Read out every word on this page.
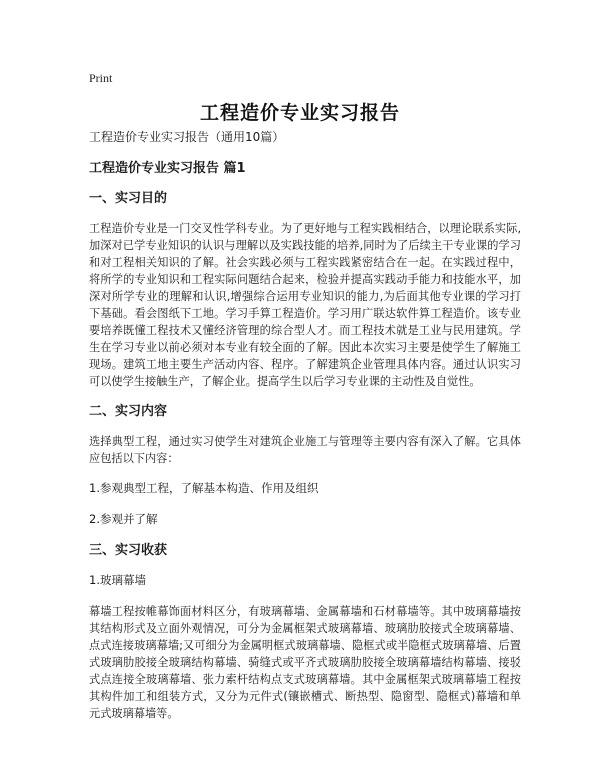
Print
工程造价专业实习报告

工程造价专业实习报告（通用10篇）

工程造价专业实习报告 篇1

一、实习目的

工程造价专业是一门交叉性学科专业。为了更好地与工程实践相结合，以理论联系实际,加深对已学专业知识的认识与理解以及实践技能的培养,同时为了后续主干专业课的学习和对工程相关知识的了解。社会实践必须与工程实践紧密结合在一起。在实践过程中，将所学的专业知识和工程实际问题结合起来，检验并提高实践动手能力和技能水平，加深对所学专业的理解和认识,增强综合运用专业知识的能力,为后面其他专业课的学习打下基础。看会图纸下工地。学习手算工程造价。学习用广联达软件算工程造价。该专业要培养既懂工程技术又懂经济管理的综合型人才。而工程技术就是工业与民用建筑。学生在学习专业以前必须对本专业有较全面的了解。因此本次实习主要是使学生了解施工现场。建筑工地主要生产活动内容、程序。了解建筑企业管理具体内容。通过认识实习可以使学生接触生产，了解企业。提高学生以后学习专业课的主动性及自觉性。

二、实习内容

选择典型工程，通过实习使学生对建筑企业施工与管理等主要内容有深入了解。它具体应包括以下内容：

1.参观典型工程，了解基本构造、作用及组织

2.参观并了解

三、实习收获

1.玻璃幕墙

幕墙工程按帷幕饰面材料区分，有玻璃幕墙、金属幕墙和石材幕墙等。其中玻璃幕墙按其结构形式及立面外观情况，可分为金属框架式玻璃幕墙、玻璃肋胶接式全玻璃幕墙、点式连接玻璃幕墙;又可细分为金属明框式玻璃幕墙、隐框式或半隐框式玻璃幕墙、后置式玻璃肋胶接全玻璃结构幕墙、骑缝式或平齐式玻璃肋胶接全玻璃幕墙结构幕墙、接驳式点连接全玻璃幕墙、张力索杆结构点支式玻璃幕墙。其中金属框架式玻璃幕墙工程按其构件加工和组装方式，又分为元件式(镶嵌槽式、断热型、隐窗型、隐框式)幕墙和单元式玻璃幕墙等。
